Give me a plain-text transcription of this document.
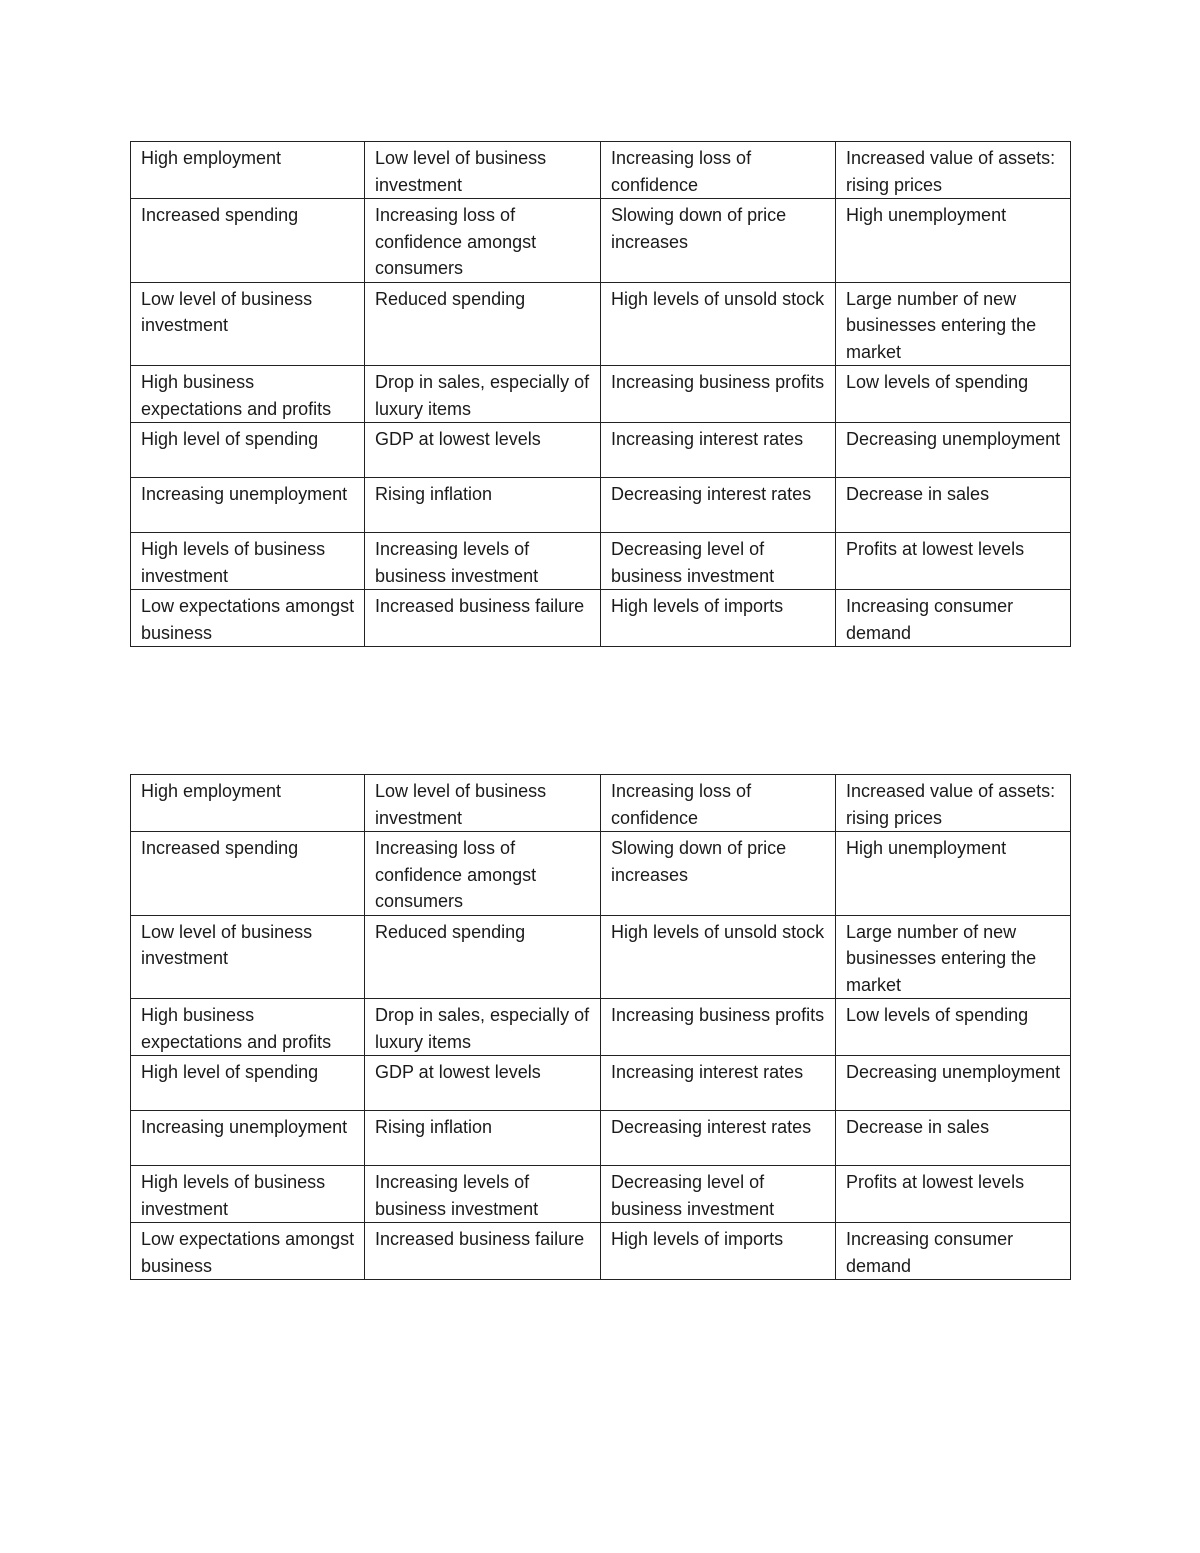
High employment	Low level of business investment	Increasing loss of confidence	Increased value of assets: rising prices
Increased spending	Increasing loss of confidence amongst consumers	Slowing down of price increases	High unemployment
Low level of business investment	Reduced spending	High levels of unsold stock	Large number of new businesses entering the market
High business expectations and profits	Drop in sales, especially of luxury items	Increasing business profits	Low levels of spending
High level of spending	GDP at lowest levels	Increasing interest rates	Decreasing unemployment
Increasing unemployment	Rising inflation	Decreasing interest rates	Decrease in sales
High levels of business investment	Increasing levels of business investment	Decreasing level of business investment	Profits at lowest levels
Low expectations amongst business	Increased business failure	High levels of imports	Increasing consumer demand
High employment	Low level of business investment	Increasing loss of confidence	Increased value of assets: rising prices
Increased spending	Increasing loss of confidence amongst consumers	Slowing down of price increases	High unemployment
Low level of business investment	Reduced spending	High levels of unsold stock	Large number of new businesses entering the market
High business expectations and profits	Drop in sales, especially of luxury items	Increasing business profits	Low levels of spending
High level of spending	GDP at lowest levels	Increasing interest rates	Decreasing unemployment
Increasing unemployment	Rising inflation	Decreasing interest rates	Decrease in sales
High levels of business investment	Increasing levels of business investment	Decreasing level of business investment	Profits at lowest levels
Low expectations amongst business	Increased business failure	High levels of imports	Increasing consumer demand
